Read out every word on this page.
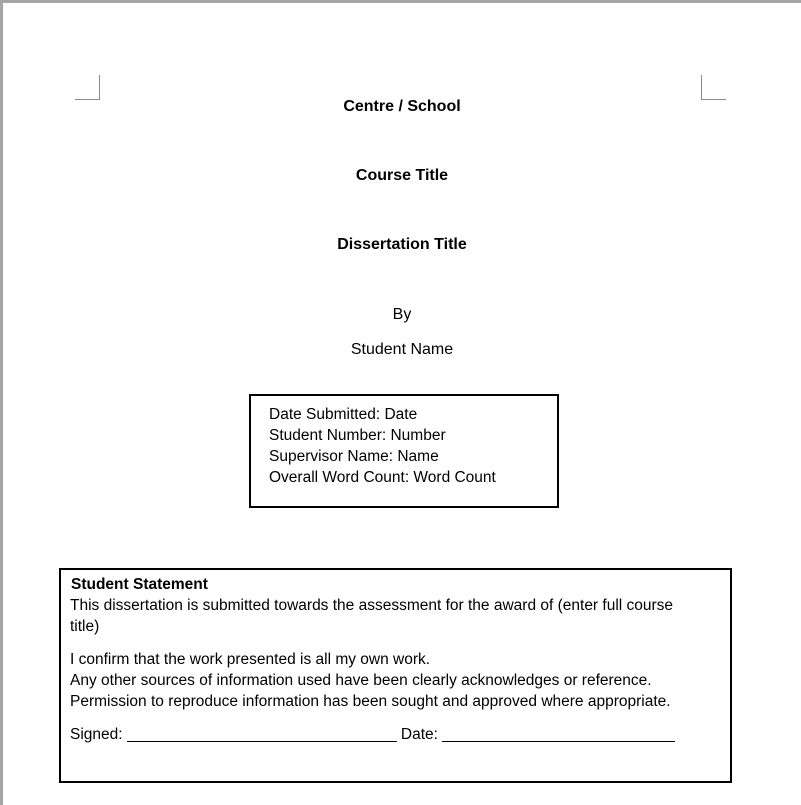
Centre / School
Course Title
Dissertation Title
By
Student Name
Date Submitted: Date
Student Number: Number
Supervisor Name: Name
Overall Word Count: Word Count
Student Statement
This dissertation is submitted towards the assessment for the award of (enter full course
title)
I confirm that the work presented is all my own work.
Any other sources of information used have been clearly acknowledges or reference.
Permission to reproduce information has been sought and approved where appropriate.
Signed:	Date:
